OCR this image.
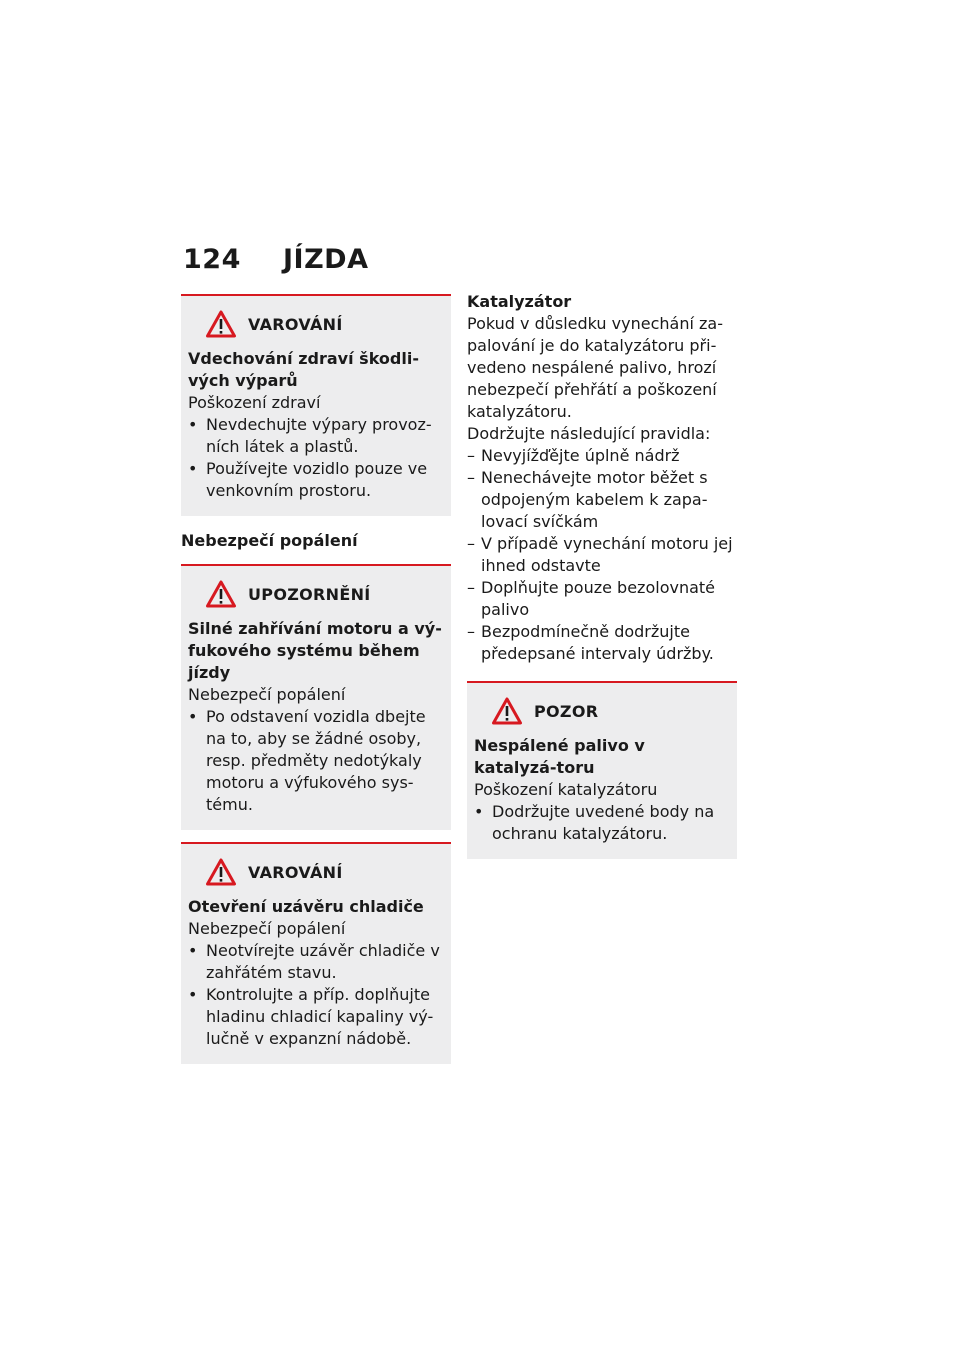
124 JÍZDA
VAROVÁNÍ
Vdechování zdraví škodli-vých výparů
Poškození zdraví
• Nevdechujte výpary provoz-ních látek a plastů.
• Používejte vozidlo pouze ve venkovním prostoru.
Nebezpečí popálení
UPOZORNĚNÍ
Silné zahřívání motoru a vý-fukového systému během jízdy
Nebezpečí popálení
• Po odstavení vozidla dbejte na to, aby se žádné osoby, resp. předměty nedotýkaly motoru a výfukového sys-tému.
VAROVÁNÍ
Otevření uzávěru chladiče
Nebezpečí popálení
• Neotvírejte uzávěr chladiče v zahřátém stavu.
• Kontrolujte a příp. doplňujte hladinu chladicí kapaliny vý-lučně v expanzní nádobě.
Katalyzátor
Pokud v důsledku vynechání za-palování je do katalyzátoru při-vedeno nespálené palivo, hrozí nebezpečí přehřátí a poškození katalyzátoru.
Dodržujte následující pravidla:
– Nevyjížďějte úplně nádrž
– Nenechávejte motor běžet s odpojeným kabelem k zapa-lovací svíčkám
– V případě vynechání motoru jej ihned odstavte
– Doplňujte pouze bezolovnaté palivo
– Bezpodmínečně dodržujte předepsané intervaly údržby.
POZOR
Nespálené palivo v katalyzá-toru
Poškození katalyzátoru
• Dodržujte uvedené body na ochranu katalyzátoru.
